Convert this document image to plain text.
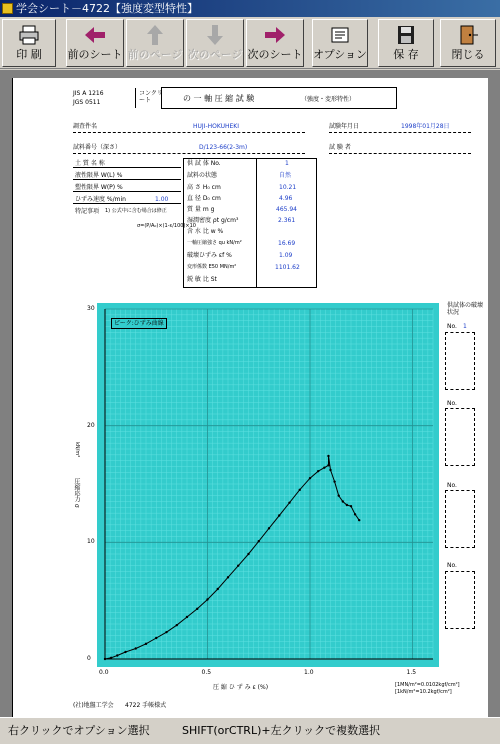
学会シート－4722【強度変型特性】
印 刷	前のシート 前のページ 次のページ 次のシート オプション	保 存	閉じる
JIS A 1216
JGS 0511
コンクリート	の 一 軸 圧 縮 試 験	（強度・変形特性）
調査件名	HUJI-HOKUHEKI	試験年月日	1998年01月28日
試料番号（深さ）	D/123-66(2-3m)	試 験 者
土 質 名 称
液性限界 W(L) %
塑性限界 W(P) %
ひずみ速度 %/min	1.00
特記事項 1) 公式中に含む場合は修正
σ=(P/A₀)×(1-ε/100)×10
供 試 体 No.	1
試料の状態	自然
高 さ H₀ cm	10.21
直 径 D₀ cm	4.96
質 量 m g	465.94
湿潤密度 ρt g/cm³	2.361
含 水 比 w %
一軸圧縮強さ qu kN/m²	16.69
破壊ひずみ εf %	1.09
変形係数 E50 MN/m²	1101.62
鋭 敏 比 St
ピーク:ひずみ曲線
圧縮応力 σ
kN/m²
圧 縮 ひ ず み ε (%)	[1MN/m²=0.0102kgf/cm²]
[1kN/m²=10.2kgf/cm²]
供試体の破壊状況
No. 1
No.
No.
No.
(社)地盤工学会 4722 手帳様式
0.0	0.5	1.0	1.5
0
10
20
30
右クリックでオプション選択	SHIFT(orCTRL)+左クリックで複数選択
